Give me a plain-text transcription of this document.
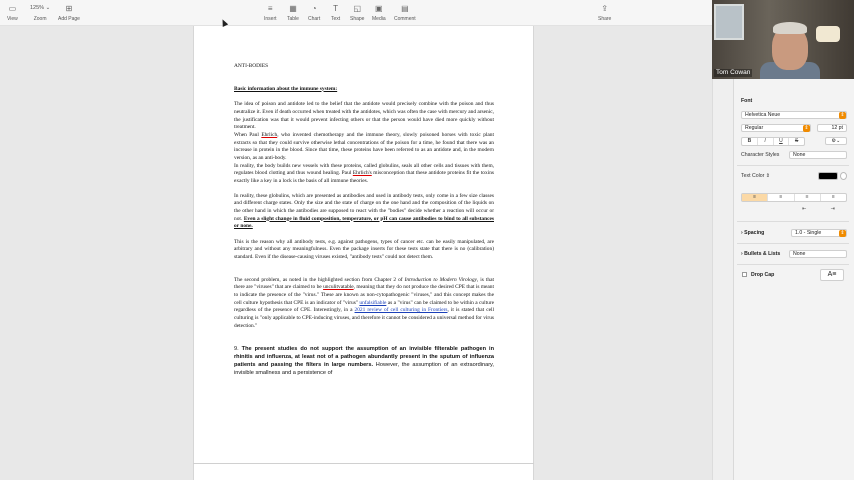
▭
View
125% ⌄
Zoom
⊞
Add Page
≡
Insert
▦
Table
◔
Chart
T
Text
◱
Shape
▣
Media
▤
Comment
⇪
Share

ANTI-BODIES

Basic information about the immune system:

The idea of poison and antidote led to the belief that the antidote would precisely combine with the poison and thus neutralize it. Even if death occurred when treated with the antidotes, which was often the case with mercury and arsenic, the justification was that it would prevent infecting others or that the person would have died more quickly without treatment.

When Paul Ehrlich, who invented chemotherapy and the immune theory, slowly poisoned horses with toxic plant extracts so that they could survive otherwise lethal concentrations of the poison for a time, he found that there was an increase in protein in the blood. Since that time, these proteins have been referred to as an antidote and, in the modern version, as an anti-body.

In reality, the body builds new vessels with these proteins, called globulins, seals all other cells and tissues with them, regulates blood clotting and thus wound healing. Paul Ehrlich's misconception that these antidote proteins fit the toxins exactly like a key in a lock is the basis of all immune theories.

In reality, these globulins, which are presented as antibodies and used in antibody tests, only come in a few size classes and different charge states. Only the size and the state of charge on the one hand and the composition of the liquids on the other hand in which the antibodies are supposed to react with the "bodies" decide whether a reaction will occur or not. Even a slight change in fluid composition, temperature, or pH can cause antibodies to bind to all substances or none.

This is the reason why all antibody tests, e.g. against pathogens, types of cancer etc. can be easily manipulated, are arbitrary and without any meaningfulness. Even the package inserts for these tests state that there is no (calibration) standard. Even if the disease-causing viruses existed, "antibody tests" could not detect them.

The second problem, as noted in the highlighted section from Chapter 2 of Introduction to Modern Virology, is that there are "viruses" that are claimed to be unculitvatable, meaning that they do not produce the desired CPE that is meant to indicate the presence of the "virus." These are known as non-cytopathogenic "viruses," and this concept makes the cell culture hypothesis that CPE is an indicator of "virus" unfalsifiable as a "virus" can be claimed to be within a culture regardless of the presence of CPE. Interestingly, in a 2021 review of cell culturing in Frontiers, it is stated that cell culturing is "only applicable to CPE-inducing viruses, and therefore it cannot be considered a universal method for virus detection."

9. The present studies do not support the assumption of an invisible filterable pathogen in rhinitis and influenza, at least not of a pathogen abundantly present in the sputum of influenza patients and passing the filters in large numbers. However, the assumption of an extraordinary, invisible smallness and a persistence of

Font
Helvetica Neue	⇕
Regular	⇕	12 pt
B	I	U	S	⚙⌄
Character Styles	None
Text Color ⇕
≡	≡	≡	≡
⇤	⇥
› Spacing	1.0 - Single	⇕
› Bullets & Lists	None
Drop Cap	A≡
Tom Cowan
